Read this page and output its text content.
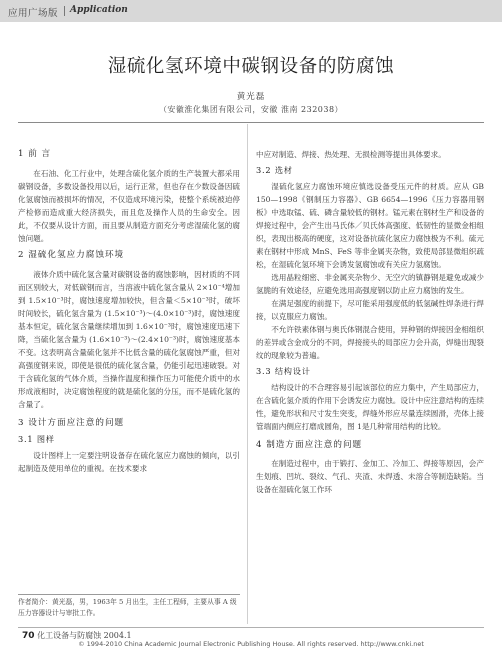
应用广场版 Application
湿硫化氢环境中碳钢设备的防腐蚀
黄光磊
（安徽淮化集团有限公司，安徽 淮南 232038）
1 前 言

在石油、化工行业中，处理含硫化氢介质的生产装置大都采用碳钢设备，多数设备投用以后，运行正常，但也存在少数设备因硫化氢腐蚀而被损坏的情况，不仅造成环境污染，使整个系统被迫停产检修而造成重大经济损失，而且危及操作人员的生命安全。因此，不仅要从设计方面，而且要从制造方面充分考虑湿硫化氢的腐蚀问题。

2 湿硫化氢应力腐蚀环境

液体介质中硫化氢含量对碳钢设备的腐蚀影响，因材质的不同而区别较大，对低碳钢而言，当溶液中硫化氢含量从 2×10⁻⁴增加到 1.5×10⁻³时，腐蚀速度增加较快，但含量＜5×10⁻³时，破坏时间较长，硫化氢含量为 (1.5×10⁻³)～(4.0×10⁻³)时，腐蚀速度基本恒定，硫化氢含量继续增加到 1.6×10⁻³时，腐蚀速度迅速下降，当硫化氢含量为 (1.6×10⁻³)～(2.4×10⁻³)时，腐蚀速度基本不变。这表明高含量硫化氢并不比低含量的硫化氢腐蚀严重，但对高强度钢来说，即使是很低的硫化氢含量，仍能引起迅速破裂。对于含硫化氢的气体介质，当操作温度和操作压力可能使介质中的水形成液相时，决定腐蚀程度的就是硫化氢的分压，而不是硫化氢的含量了。

3 设计方面应注意的问题
3.1 图样

设计图样上一定要注明设备存在硫化氢应力腐蚀的倾向，以引起制造及使用单位的重视。在技术要求

作者简介：黄光磊，男，1963年 5 月出生，主任工程师，主要从事 A 级压力容器设计与审批工作。

中应对制造、焊接、热处理、无损检测等提出具体要求。

3.2 选材

湿硫化氢应力腐蚀环境应慎选设备受压元件的材质。应从 GB 150—1998《钢制压力容器》、GB 6654—1996《压力容器用钢板》中选取锰、硫、磷含量较低的钢材。锰元素在钢材生产和设备的焊接过程中，会产生出马氏体／贝氏体高强度、低韧性的显微金相组织，表现出极高的硬度，这对设备抗硫化氢应力腐蚀极为不利。硫元素在钢材中形成 MnS、FeS 等非金属夹杂物，致使局部显微组织疏松，在湿硫化氢环境下会诱发氢腐蚀或有关应力氢腐蚀。

选用晶粒细密、非金属夹杂物少、无空穴的镇静钢是避免或减少氢脆的有效途径，应避免选用高强度钢以防止应力腐蚀的发生。

在满足强度的前提下，尽可能采用强度低的低氢碱性焊条进行焊接，以克服应力腐蚀。

不允许铁素体钢与奥氏体钢混合使用，异种钢的焊接因金相组织的差异或含金成分的不同，焊接接头的局部应力会升高，焊缝出现裂纹的现象较为普遍。

3.3 结构设计

结构设计的不合理容易引起该部位的应力集中，产生局部应力，在含硫化氢介质的作用下会诱发应力腐蚀。设计中应注意结构的连续性，避免形状和尺寸发生突变，焊缝外形应尽量连续圆滑，壳体上接管端面内侧应打磨成圆角，图 1是几种常用结构的比较。

4 制造方面应注意的问题

在制造过程中，由于锻打、金加工、冷加工、焊接等原因，会产生划痕、凹坑、裂纹、气孔、夹渣、未焊透、未溶合等制造缺陷。当设备在湿硫化氢工作环

70 化工设备与防腐蚀 2004.1
© 1994-2010 China Academic Journal Electronic Publishing House. All rights reserved. http://www.cnki.net
